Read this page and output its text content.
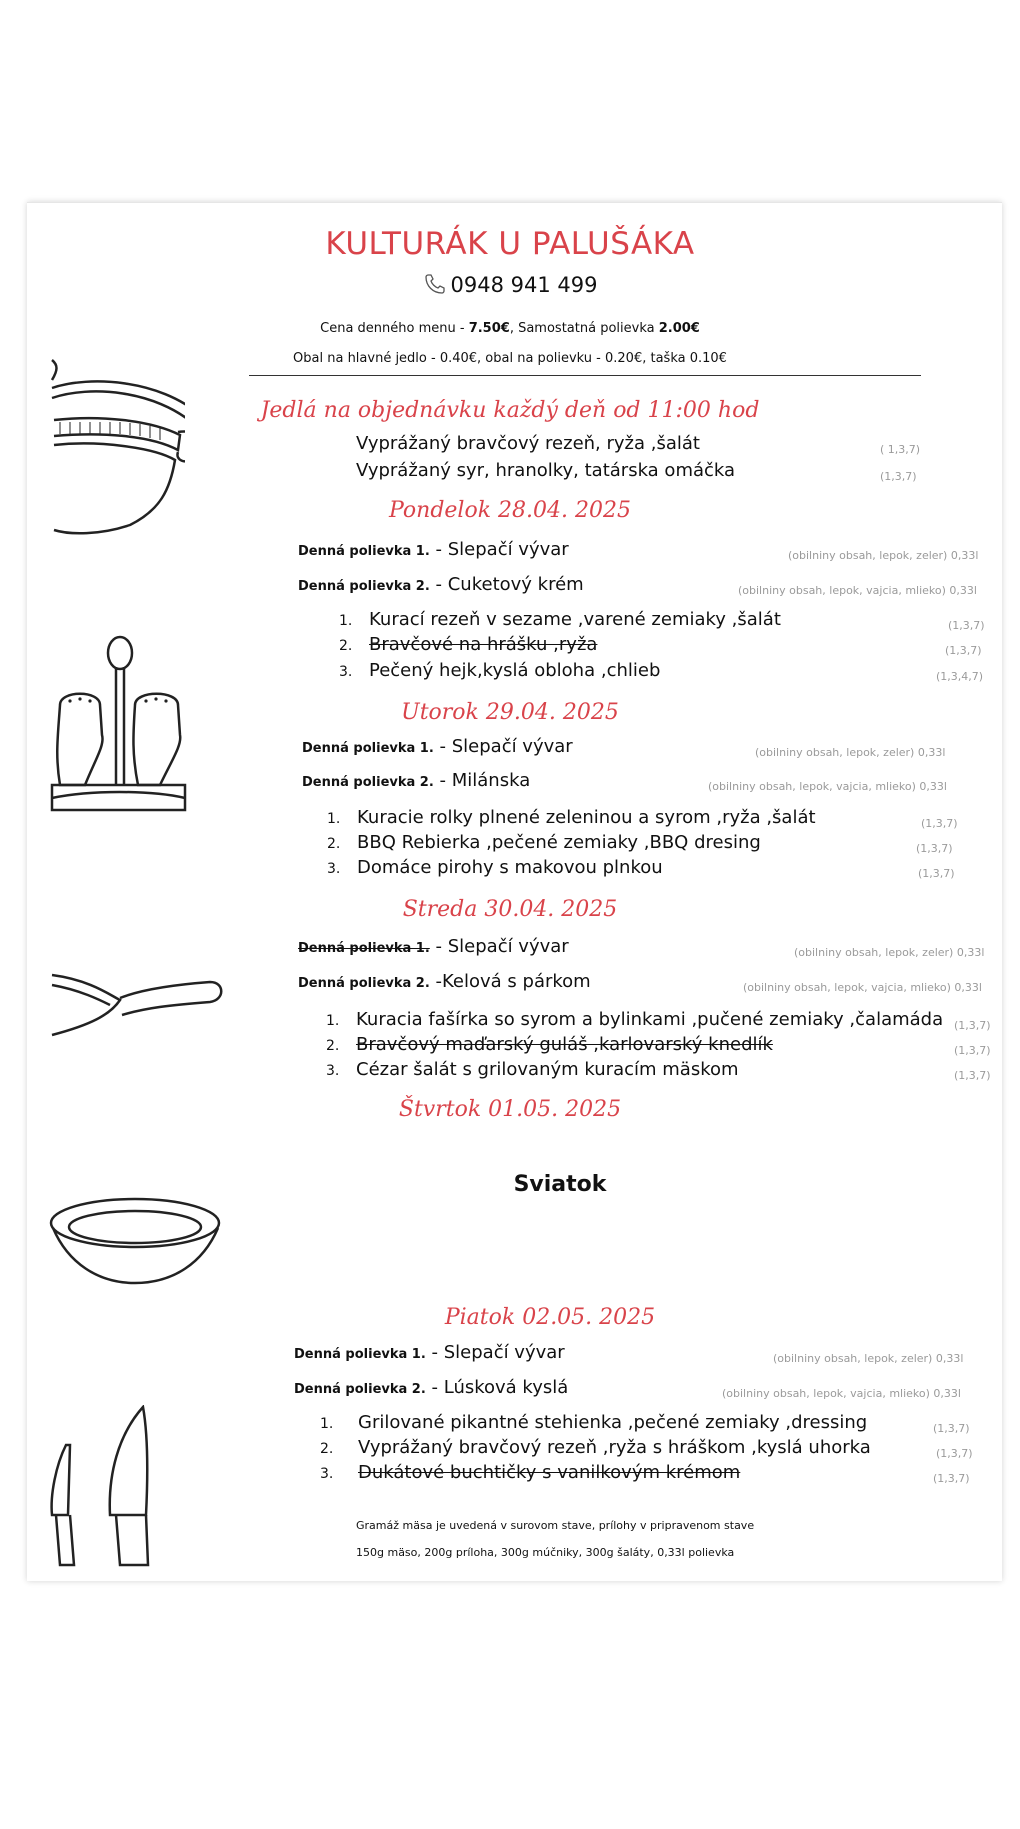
KULTURÁK U PALUŠÁKA
0948 941 499
Cena denného menu - 7.50€, Samostatná polievka 2.00€
Obal na hlavné jedlo - 0.40€, obal na polievku - 0.20€, taška 0.10€
Jedlá na objednávku každý deň od 11:00 hod
Vyprážaný bravčový rezeň, ryža ,šalát	( 1,3,7)
Vyprážaný syr, hranolky, tatárska omáčka	(1,3,7)
Pondelok 28.04. 2025
Denná polievka 1. - Slepačí vývar	(obilniny obsah, lepok, zeler) 0,33l
Denná polievka 2. - Cuketový krém	(obilniny obsah, lepok, vajcia, mlieko) 0,33l
1. Kurací rezeň v sezame ,varené zemiaky ,šalát	(1,3,7)
2. Bravčové na hrášku ,ryža	(1,3,7)
3. Pečený hejk,kyslá obloha ,chlieb	(1,3,4,7)
Utorok 29.04. 2025
Denná polievka 1. - Slepačí vývar	(obilniny obsah, lepok, zeler) 0,33l
Denná polievka 2. - Milánska	(obilniny obsah, lepok, vajcia, mlieko) 0,33l
1. Kuracie rolky plnené zeleninou a syrom ,ryža ,šalát	(1,3,7)
2. BBQ Rebierka ,pečené zemiaky ,BBQ dresing	(1,3,7)
3. Domáce pirohy s makovou plnkou	(1,3,7)
Streda 30.04. 2025
Denná polievka 1. - Slepačí vývar	(obilniny obsah, lepok, zeler) 0,33l
Denná polievka 2. -Kelová s párkom	(obilniny obsah, lepok, vajcia, mlieko) 0,33l
1. Kuracia fašírka so syrom a bylinkami ,pučené zemiaky ,čalamáda (1,3,7)
2. Bravčový maďarský guláš ,karlovarský knedlík	(1,3,7)
3. Cézar šalát s grilovaným kuracím mäskom	(1,3,7)
Štvrtok 01.05. 2025
Sviatok
Piatok 02.05. 2025
Denná polievka 1. - Slepačí vývar	(obilniny obsah, lepok, zeler) 0,33l
Denná polievka 2. - Lúsková kyslá	(obilniny obsah, lepok, vajcia, mlieko) 0,33l
1. Grilované pikantné stehienka ,pečené zemiaky ,dressing	(1,3,7)
2. Vyprážaný bravčový rezeň ,ryža s hráškom ,kyslá uhorka	(1,3,7)
3. Dukátové buchtičky s vanilkovým krémom	(1,3,7)
Gramáž mäsa je uvedená v surovom stave, prílohy v pripravenom stave
150g mäso, 200g príloha, 300g múčniky, 300g šaláty, 0,33l polievka
